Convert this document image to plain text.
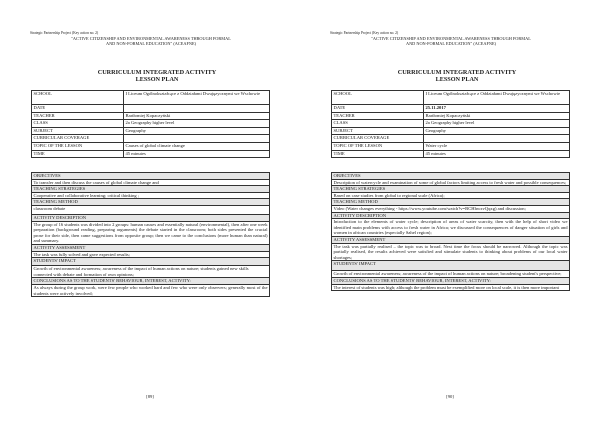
Strategic Partnership Project (Key action no. 2)
"ACTIVE CITIZENSHIP AND ENVIRONMENTAL AWARENESS THROUGH FORMAL
AND NON-FORMAL EDUCATION" (ACEAFNE)
CURRICULUM INTEGRATED ACTIVITY
LESSON PLAN
SCHOOL	I Liceum Ogólnokształcące z Oddziałami Dwujęzycznymi we Wschowie
DATE	
TEACHER	Bartłomiej Kopaczyński
CLASS	2a Geography higher level
SUBJECT	Geography
CURRICULAR COVERAGE	
TOPIC OF THE LESSON	Causes of global climate change
TIME	45 minutes
OBJECTIVES
To transfer and then discuss the causes of global climate change and
TEACHING STRATEGIES
Cooperative and collaborative learning; critical thinking ;
TEACHING METHOD
classroom debate
ACTIVITY DESCRIPTION
The group of 16 students was divided into 2 groups: human causes and essentially natural (environmental), then after one week preparation (background reading, preparing arguments) the debate started in the classroom; both sides presented the crucial prose for their side, then came suggestions from opposite group; then we came to the conclusions (more human than natural) and summary.
ACTIVITY ASSESSMENT
The task was fully solved and gave expected results;
STUDENTS' IMPACT
Growth of environmental awareness; awareness of the impact of human actions on nature; students gained new skills connected with debate and formation of own opinions;
CONCLUSIONS AS TO THE STUDENTS' BEHAVIOUR, INTEREST, ACTIVITY:
As always during the group work, were few people who worked hard and few who were only observers; generally most of the students were actively involved;
[89]
Strategic Partnership Project (Key action no. 2)
"ACTIVE CITIZENSHIP AND ENVIRONMENTAL AWARENESS THROUGH FORMAL
AND NON-FORMAL EDUCATION" (ACEAFNE)
CURRICULUM INTEGRATED ACTIVITY
LESSON PLAN
SCHOOL	I Liceum Ogólnokształcące z Oddziałami Dwujęzycznymi we Wschowie
DATE	25.11.2017
TEACHER	Bartłomiej Kopaczyński
CLASS	2a Geography higher level
SUBJECT	Geography
CURRICULAR COVERAGE	
TOPIC OF THE LESSON	Water cycle
TIME	45 minutes
OBJECTIVES
Description of watercycle and examination of some of global factors limiting access to fresh water and possible consequences;
TEACHING STRATEGIES
Based on case studies from global to regional scale (Africa);
TEACHING METHOD
Video (Water changes everything - https://www.youtube.com/watch?v=BCHhwxvQqxg) and discussion;
ACTIVITY DESCRIPTION
Introduction to the elements of water cycle; description of areas of water scarcity, then with the help of short video we identified main problems with access to fresh water in Africa; we discussed the consequences of danger situation of girls and women in african countries (especially Sahel region);
ACTIVITY ASSESSMENT
The task was partially realised – the topic was to broad. Next time the focus should be narrowed. Although the topic was partially realised, the results achieved were satisfied and stimulate students to thinking about problems of our local water shortages;
STUDENTS' IMPACT
Growth of environmental awareness; awareness of the impact of human actions on nature; broadening student's perspective;
CONCLUSIONS AS TO THE STUDENTS' BEHAVIOUR, INTEREST, ACTIVITY:
The interest of students was high; although the problem must be exemplified more on local scale, it is then more important
[90]
